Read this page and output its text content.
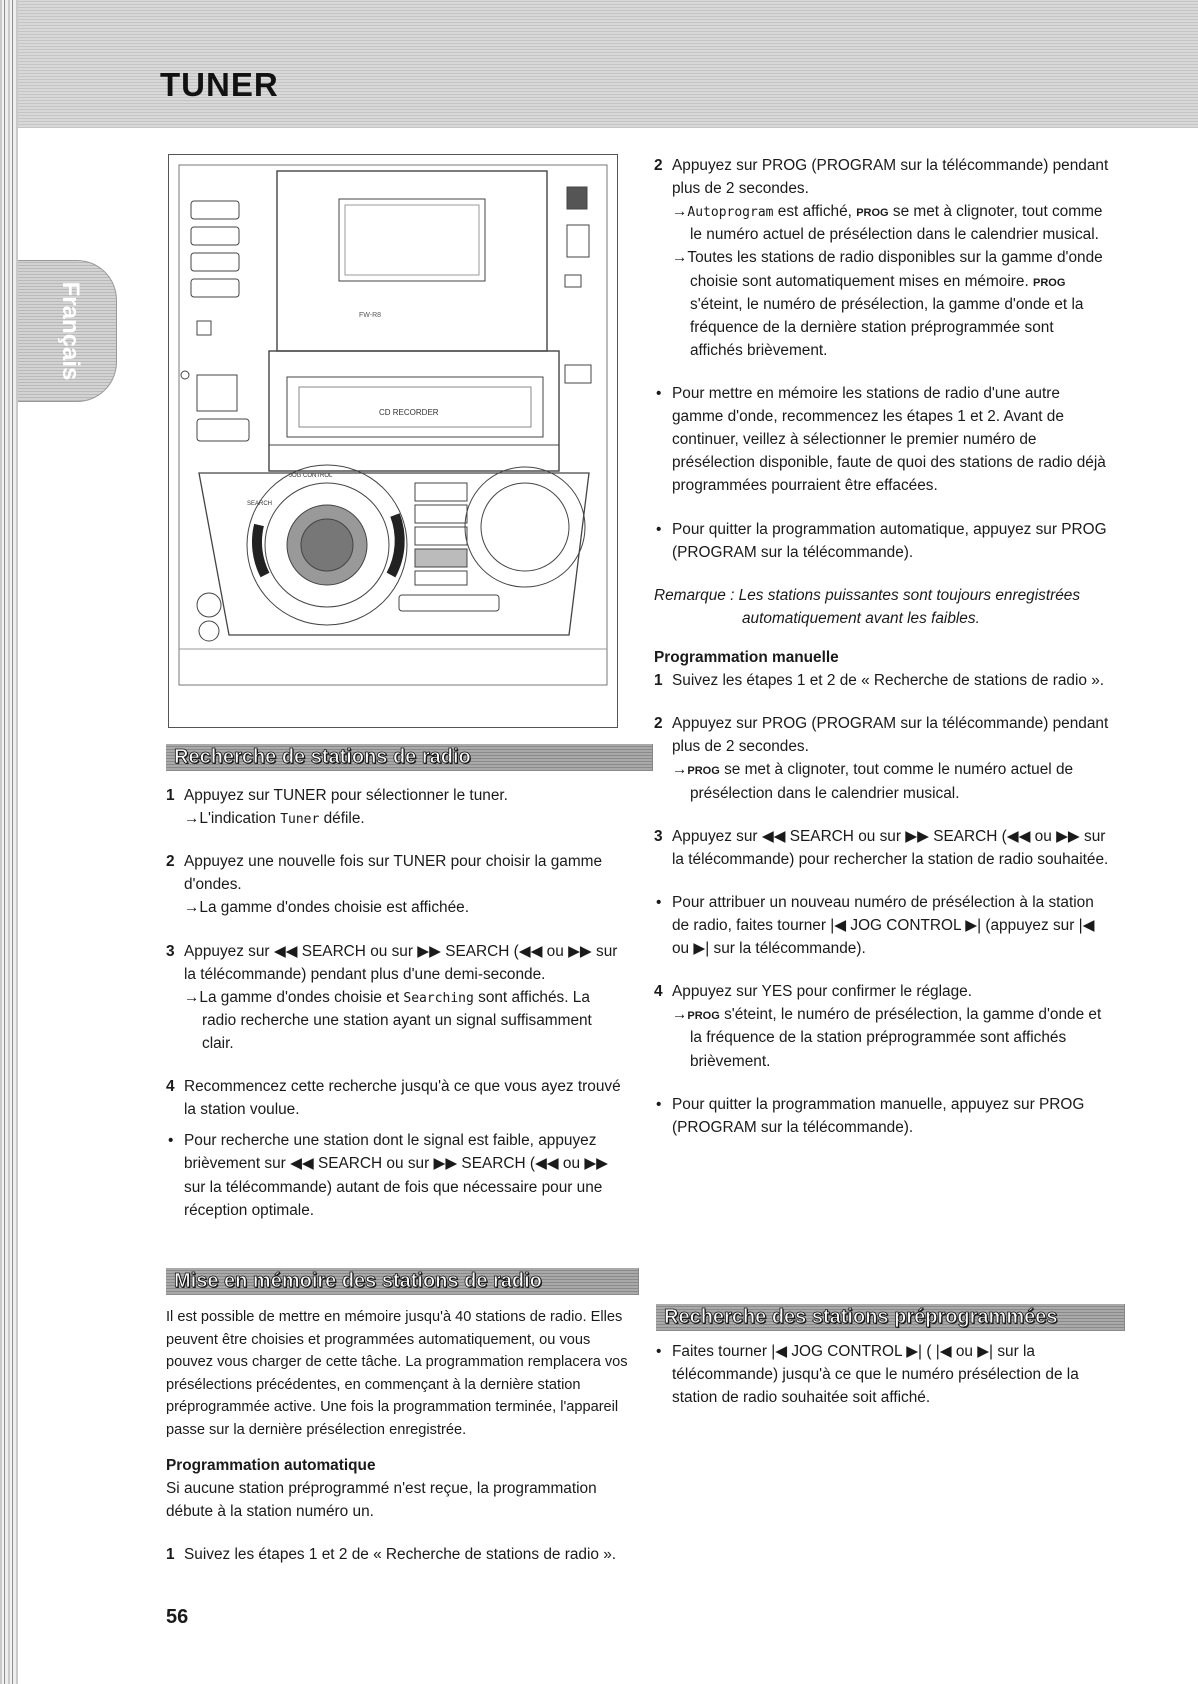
TUNER
Français	FW-R8
CD RECORDER
JOG CONTROL
SEARCH
Recherche de stations de radio
1 Appuyez sur TUNER pour sélectionner le tuner.

→L'indication Tuner défile.

2 Appuyez une nouvelle fois sur TUNER pour choisir la gamme d'ondes.

→La gamme d'ondes choisie est affichée.

3 Appuyez sur ◀◀ SEARCH ou sur ▶▶ SEARCH (◀◀ ou ▶▶ sur la télécommande) pendant plus d'une demi-seconde.

→La gamme d'ondes choisie et Searching sont affichés. La radio recherche une station ayant un signal suffisamment clair.

4 Recommencez cette recherche jusqu'à ce que vous ayez trouvé la station voulue.

• Pour recherche une station dont le signal est faible, appuyez brièvement sur ◀◀ SEARCH ou sur ▶▶ SEARCH (◀◀ ou ▶▶ sur la télécommande) autant de fois que nécessaire pour une réception optimale.

Mise en mémoire des stations de radio

Il est possible de mettre en mémoire jusqu'à 40 stations de radio. Elles peuvent être choisies et programmées automatiquement, ou vous pouvez vous charger de cette tâche. La programmation remplacera vos présélections précédentes, en commençant à la dernière station préprogrammée active. Une fois la programmation terminée, l'appareil passe sur la dernière présélection enregistrée.

Programmation automatique

Si aucune station préprogrammé n'est reçue, la programmation débute à la station numéro un.

1 Suivez les étapes 1 et 2 de « Recherche de stations de radio ».

56

2 Appuyez sur PROG (PROGRAM sur la télécommande) pendant plus de 2 secondes.

→Autoprogram est affiché, PROG se met à clignoter, tout comme le numéro actuel de présélection dans le calendrier musical.

→Toutes les stations de radio disponibles sur la gamme d'onde choisie sont automatiquement mises en mémoire. PROG s'éteint, le numéro de présélection, la gamme d'onde et la fréquence de la dernière station préprogrammée sont affichés brièvement.

• Pour mettre en mémoire les stations de radio d'une autre gamme d'onde, recommencez les étapes 1 et 2. Avant de continuer, veillez à sélectionner le premier numéro de présélection disponible, faute de quoi des stations de radio déjà programmées pourraient être effacées.

• Pour quitter la programmation automatique, appuyez sur PROG (PROGRAM sur la télécommande).

Remarque : Les stations puissantes sont toujours enregistrées
automatiquement avant les faibles.

Programmation manuelle

1 Suivez les étapes 1 et 2 de « Recherche de stations de radio ».

2 Appuyez sur PROG (PROGRAM sur la télécommande) pendant plus de 2 secondes.

→PROG se met à clignoter, tout comme le numéro actuel de présélection dans le calendrier musical.

3 Appuyez sur ◀◀ SEARCH ou sur ▶▶ SEARCH (◀◀ ou ▶▶ sur la télécommande) pour rechercher la station de radio souhaitée.

• Pour attribuer un nouveau numéro de présélection à la station de radio, faites tourner |◀ JOG CONTROL ▶| (appuyez sur |◀ ou ▶| sur la télécommande).

4 Appuyez sur YES pour confirmer le réglage.

→PROG s'éteint, le numéro de présélection, la gamme d'onde et la fréquence de la station préprogrammée sont affichés brièvement.

• Pour quitter la programmation manuelle, appuyez sur PROG (PROGRAM sur la télécommande).

Recherche des stations préprogrammées
• Faites tourner |◀ JOG CONTROL ▶| ( |◀ ou ▶| sur la télécommande) jusqu'à ce que le numéro présélection de la station de radio souhaitée soit affiché.
